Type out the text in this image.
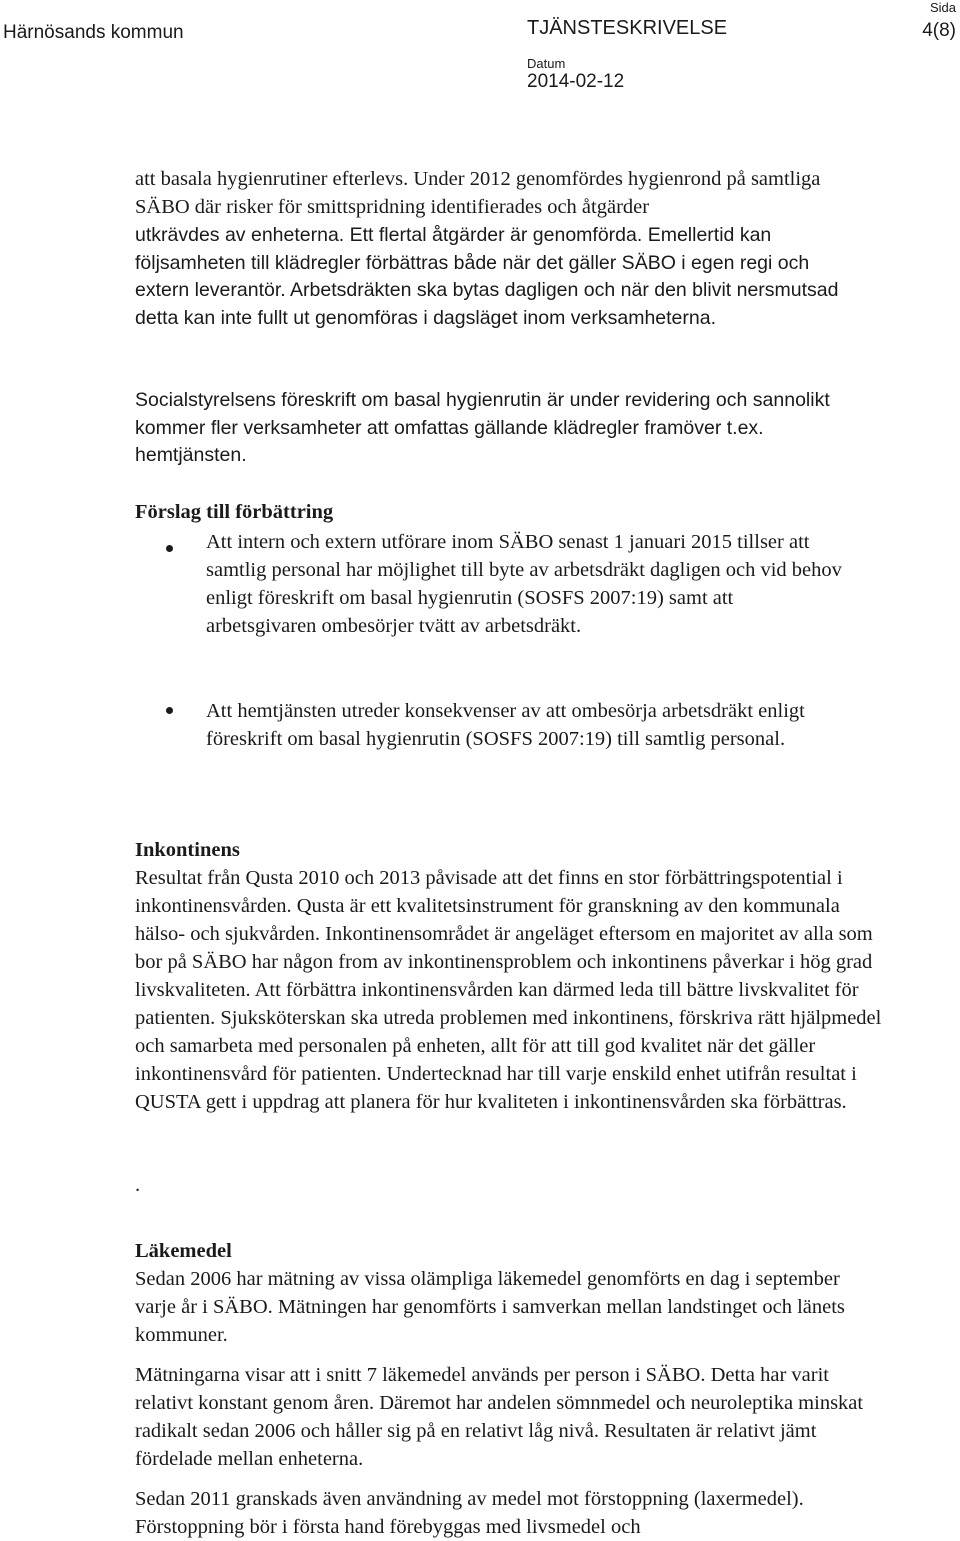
Härnösands kommun	TJÄNSTESKRIVELSE
Datum
2014-02-12
Sida
4(8)

att basala hygienrutiner efterlevs. Under 2012 genomfördes hygienrond på samtliga SÄBO där risker för smittspridning identifierades och åtgärder

utkrävdes av enheterna. Ett flertal åtgärder är genomförda. Emellertid kan följsamheten till klädregler förbättras både när det gäller SÄBO i egen regi och extern leverantör. Arbetsdräkten ska bytas dagligen och när den blivit nersmutsad detta kan inte fullt ut genomföras i dagsläget inom verksamheterna.

Socialstyrelsens föreskrift om basal hygienrutin är under revidering och sannolikt kommer fler verksamheter att omfattas gällande klädregler framöver t.ex. hemtjänsten.

Förslag till förbättring

Att intern och extern utförare inom SÄBO senast 1 januari 2015 tillser att samtlig personal har möjlighet till byte av arbetsdräkt dagligen och vid behov enligt föreskrift om basal hygienrutin (SOSFS 2007:19) samt att arbetsgivaren ombesörjer tvätt av arbetsdräkt.

Att hemtjänsten utreder konsekvenser av att ombesörja arbetsdräkt enligt föreskrift om basal hygienrutin (SOSFS 2007:19) till samtlig personal.

Inkontinens

Resultat från Qusta 2010 och 2013 påvisade att det finns en stor förbättringspotential i inkontinensvården. Qusta är ett kvalitetsinstrument för granskning av den kommunala hälso- och sjukvården. Inkontinensområdet är angeläget eftersom en majoritet av alla som bor på SÄBO har någon from av inkontinensproblem och inkontinens påverkar i hög grad livskvaliteten. Att förbättra inkontinensvården kan därmed leda till bättre livskvalitet för patienten. Sjuksköterskan ska utreda problemen med inkontinens, förskriva rätt hjälpmedel och samarbeta med personalen på enheten, allt för att till god kvalitet när det gäller inkontinensvård för patienten. Undertecknad har till varje enskild enhet utifrån resultat i QUSTA gett i uppdrag att planera för hur kvaliteten i inkontinensvården ska förbättras.

.

Läkemedel

Sedan 2006 har mätning av vissa olämpliga läkemedel genomförts en dag i september varje år i SÄBO. Mätningen har genomförts i samverkan mellan landstinget och länets kommuner.

Mätningarna visar att i snitt 7 läkemedel används per person i SÄBO. Detta har varit relativt konstant genom åren. Däremot har andelen sömnmedel och neuroleptika minskat radikalt sedan 2006 och håller sig på en relativt låg nivå. Resultaten är relativt jämt fördelade mellan enheterna.

Sedan 2011 granskads även användning av medel mot förstoppning (laxermedel). Förstoppning bör i första hand förebyggas med livsmedel och
